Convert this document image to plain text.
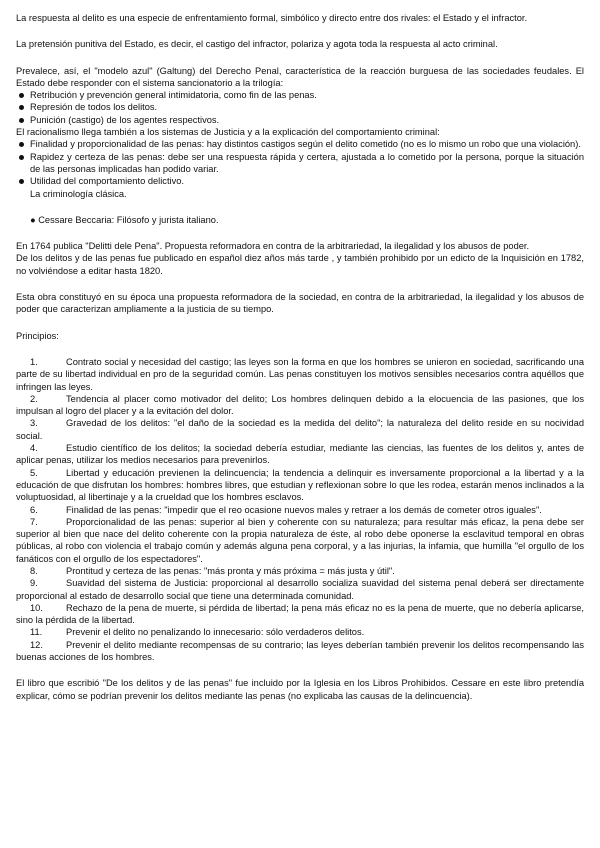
La respuesta al delito es una especie de enfrentamiento formal, simbólico y directo entre dos rivales: el Estado y el infractor.

La pretensión punitiva del Estado, es decir, el castigo del infractor, polariza y agota toda la respuesta al acto criminal.

Prevalece, así, el "modelo azul" (Galtung) del Derecho Penal, característica de la reacción burguesa de las sociedades feudales. El Estado debe responder con el sistema sancionatorio a la trilogía:

Retribución y prevención general intimidatoria, como fin de las penas.
Represión de todos los delitos.
Punición (castigo) de los agentes respectivos.

El racionalismo llega también a los sistemas de Justicia y a la explicación del comportamiento criminal:

Finalidad y proporcionalidad de las penas: hay distintos castigos según el delito cometido (no es lo mismo un robo que una violación).
Rapidez y certeza de las penas: debe ser una respuesta rápida y certera, ajustada a lo cometido por la persona, porque la situación de las personas implicadas han podido variar.
Utilidad del comportamiento delictivo.

La criminología clásica.

● Cessare Beccaria: Filósofo y jurista italiano.

En 1764 publica "Delitti dele Pena". Propuesta reformadora en contra de la arbitrariedad, la ilegalidad y los abusos de poder.

De los delitos y de las penas fue publicado en español diez años más tarde , y también prohibido por un edicto de la Inquisición en 1782, no volviéndose a editar hasta 1820.

Esta obra constituyó en su época una propuesta reformadora de la sociedad, en contra de la arbitrariedad, la ilegalidad y los abusos de poder que caracterizan ampliamente a la justicia de su tiempo.

Principios:

1.	Contrato social y necesidad del castigo; las leyes son la forma en que los hombres se unieron en sociedad, sacrificando una parte de su libertad individual en pro de la seguridad común. Las penas constituyen los motivos sensibles necesarios contra aquéllos que infringen las leyes.
2.	Tendencia al placer como motivador del delito; Los hombres delinquen debido a la elocuencia de las pasiones, que los impulsan al logro del placer y a la evitación del dolor.
3.	Gravedad de los delitos: "el daño de la sociedad es la medida del delito"; la naturaleza del delito reside en su nocividad social.
4.	Estudio científico de los delitos; la sociedad debería estudiar, mediante las ciencias, las fuentes de los delitos y, antes de aplicar penas, utilizar los medios necesarios para prevenirlos.
5.	Libertad y educación previenen la delincuencia; la tendencia a delinquir es inversamente proporcional a la libertad y a la educación de que disfrutan los hombres: hombres libres, que estudian y reflexionan sobre lo que les rodea, estarán menos inclinados a la voluptuosidad, al libertinaje y a la crueldad que los hombres esclavos.
6.	Finalidad de las penas: "impedir que el reo ocasione nuevos males y retraer a los demás de cometer otros iguales".
7.	Proporcionalidad de las penas: superior al bien y coherente con su naturaleza; para resultar más eficaz, la pena debe ser superior al bien que nace del delito coherente con la propia naturaleza de éste, al robo debe oponerse la esclavitud temporal en obras públicas, al robo con violencia el trabajo común y además alguna pena corporal, y a las injurias, la infamia, que humilla "el orgullo de los fanáticos con el orgullo de los espectadores".
8.	Prontitud y certeza de las penas: "más pronta y más próxima = más justa y útil".
9.	Suavidad del sistema de Justicia: proporcional al desarrollo socializa suavidad del sistema penal deberá ser directamente proporcional al estado de desarrollo social que tiene una determinada comunidad.
10. Rechazo de la pena de muerte, si pérdida de libertad; la pena más eficaz no es la pena de muerte, que no debería aplicarse, sino la pérdida de la libertad.
11.	Prevenir el delito no penalizando lo innecesario: sólo verdaderos delitos.
12. Prevenir el delito mediante recompensas de su contrario; las leyes deberían también prevenir los delitos recompensando las buenas acciones de los hombres.

El libro que escribió "De los delitos y de las penas" fue incluido por la Iglesia en los Libros Prohibidos. Cessare en este libro pretendía explicar, cómo se podrían prevenir los delitos mediante las penas (no explicaba las causas de la delincuencia).
